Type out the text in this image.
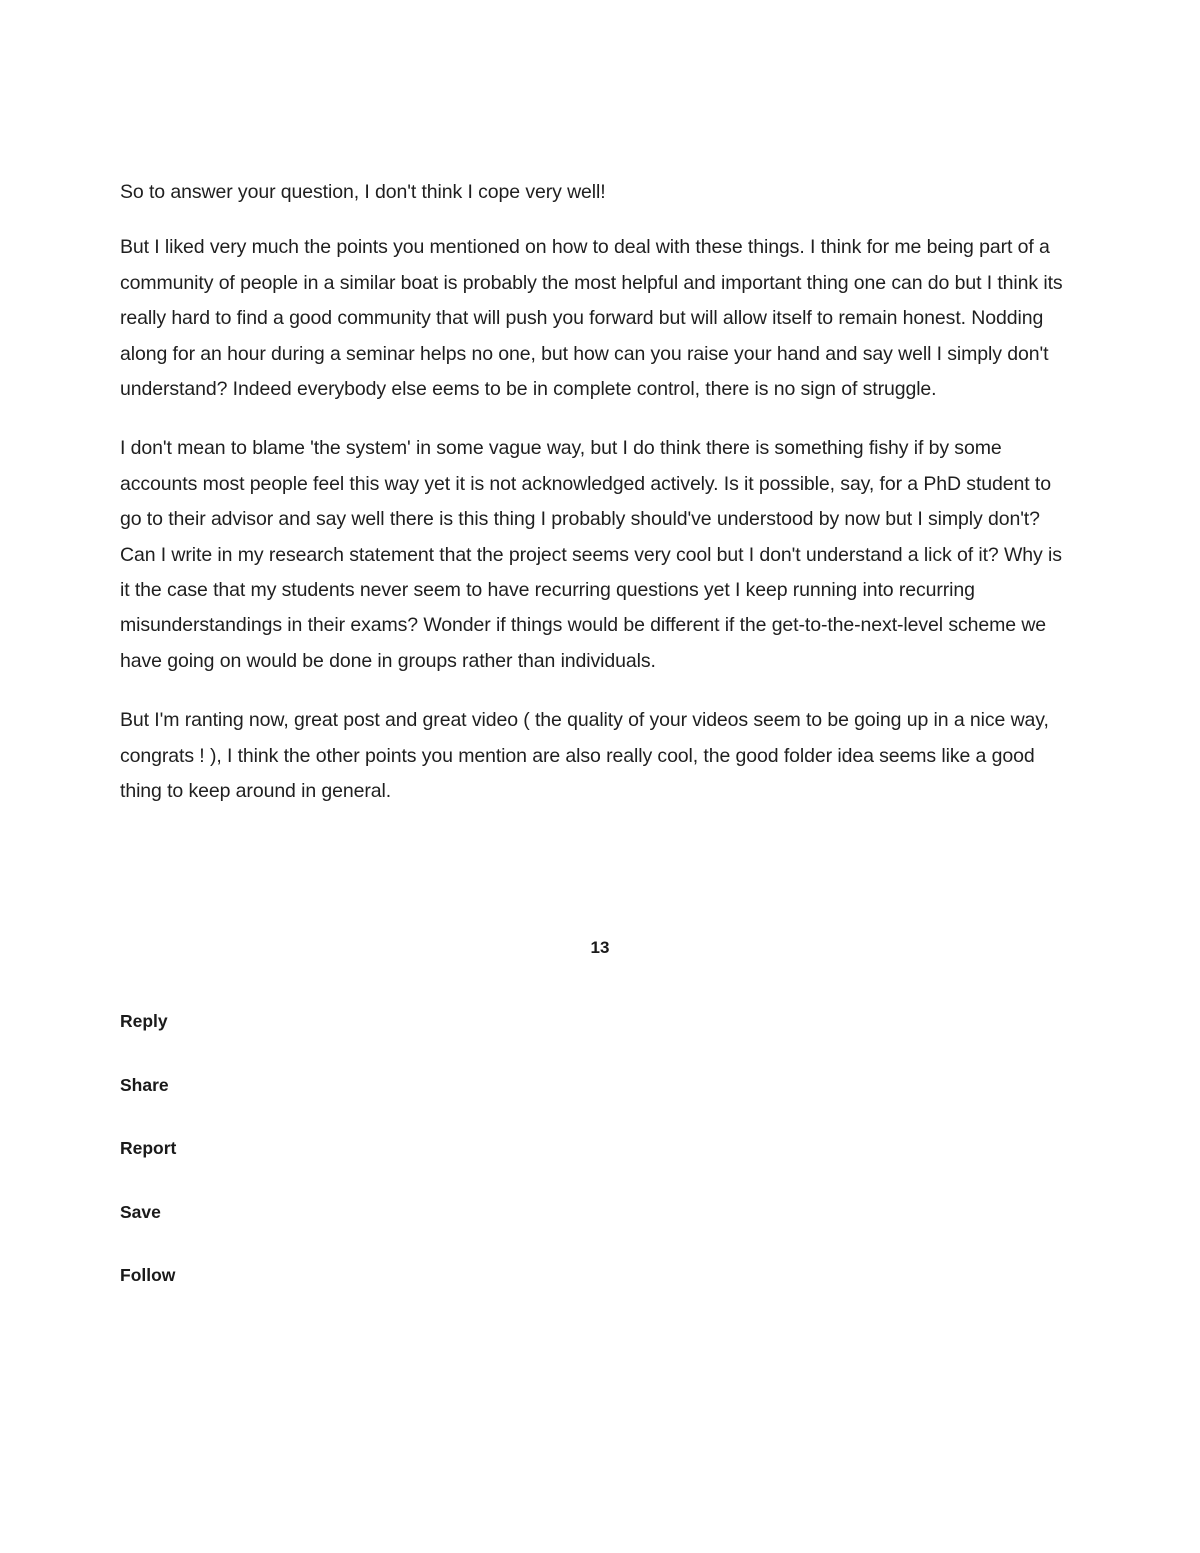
So to answer your question, I don't think I cope very well!

But I liked very much the points you mentioned on how to deal with these things. I think for me being part of a community of people in a similar boat is probably the most helpful and important thing one can do but I think its really hard to find a good community that will push you forward but will allow itself to remain honest. Nodding along for an hour during a seminar helps no one, but how can you raise your hand and say well I simply don't understand? Indeed everybody else eems to be in complete control, there is no sign of struggle.

I don't mean to blame 'the system' in some vague way, but I do think there is something fishy if by some accounts most people feel this way yet it is not acknowledged actively. Is it possible, say, for a PhD student to go to their advisor and say well there is this thing I probably should've understood by now but I simply don't? Can I write in my research statement that the project seems very cool but I don't understand a lick of it? Why is it the case that my students never seem to have recurring questions yet I keep running into recurring misunderstandings in their exams? Wonder if things would be different if the get-to-the-next-level scheme we have going on would be done in groups rather than individuals.

But I'm ranting now, great post and great video ( the quality of your videos seem to be going up in a nice way, congrats ! ), I think the other points you mention are also really cool, the good folder idea seems like a good thing to keep around in general.

13
Reply
Share
Report
Save
Follow
